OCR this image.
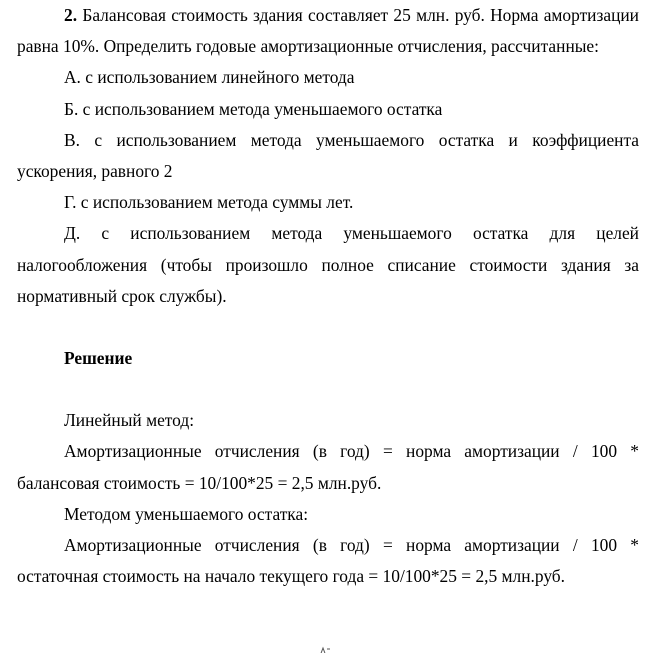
2. Балансовая стоимость здания составляет 25 млн. руб. Норма амортизации равна 10%. Определить годовые амортизационные отчисления, рассчитанные:

А. с использованием линейного метода

Б. с использованием метода уменьшаемого остатка

В. с использованием метода уменьшаемого остатка и коэффициента ускорения, равного 2

Г. с использованием метода суммы лет.

Д. с использованием метода уменьшаемого остатка для целей налогообложения (чтобы произошло полное списание стоимости здания за нормативный срок службы).

Решение

Линейный метод:

Амортизационные отчисления (в год) = норма амортизации / 100 * балансовая стоимость = 10/100*25 = 2,5 млн.руб.

Методом уменьшаемого остатка:

Амортизационные отчисления (в год) = норма амортизации / 100 * остаточная стоимость на начало текущего года = 10/100*25 = 2,5 млн.руб.
